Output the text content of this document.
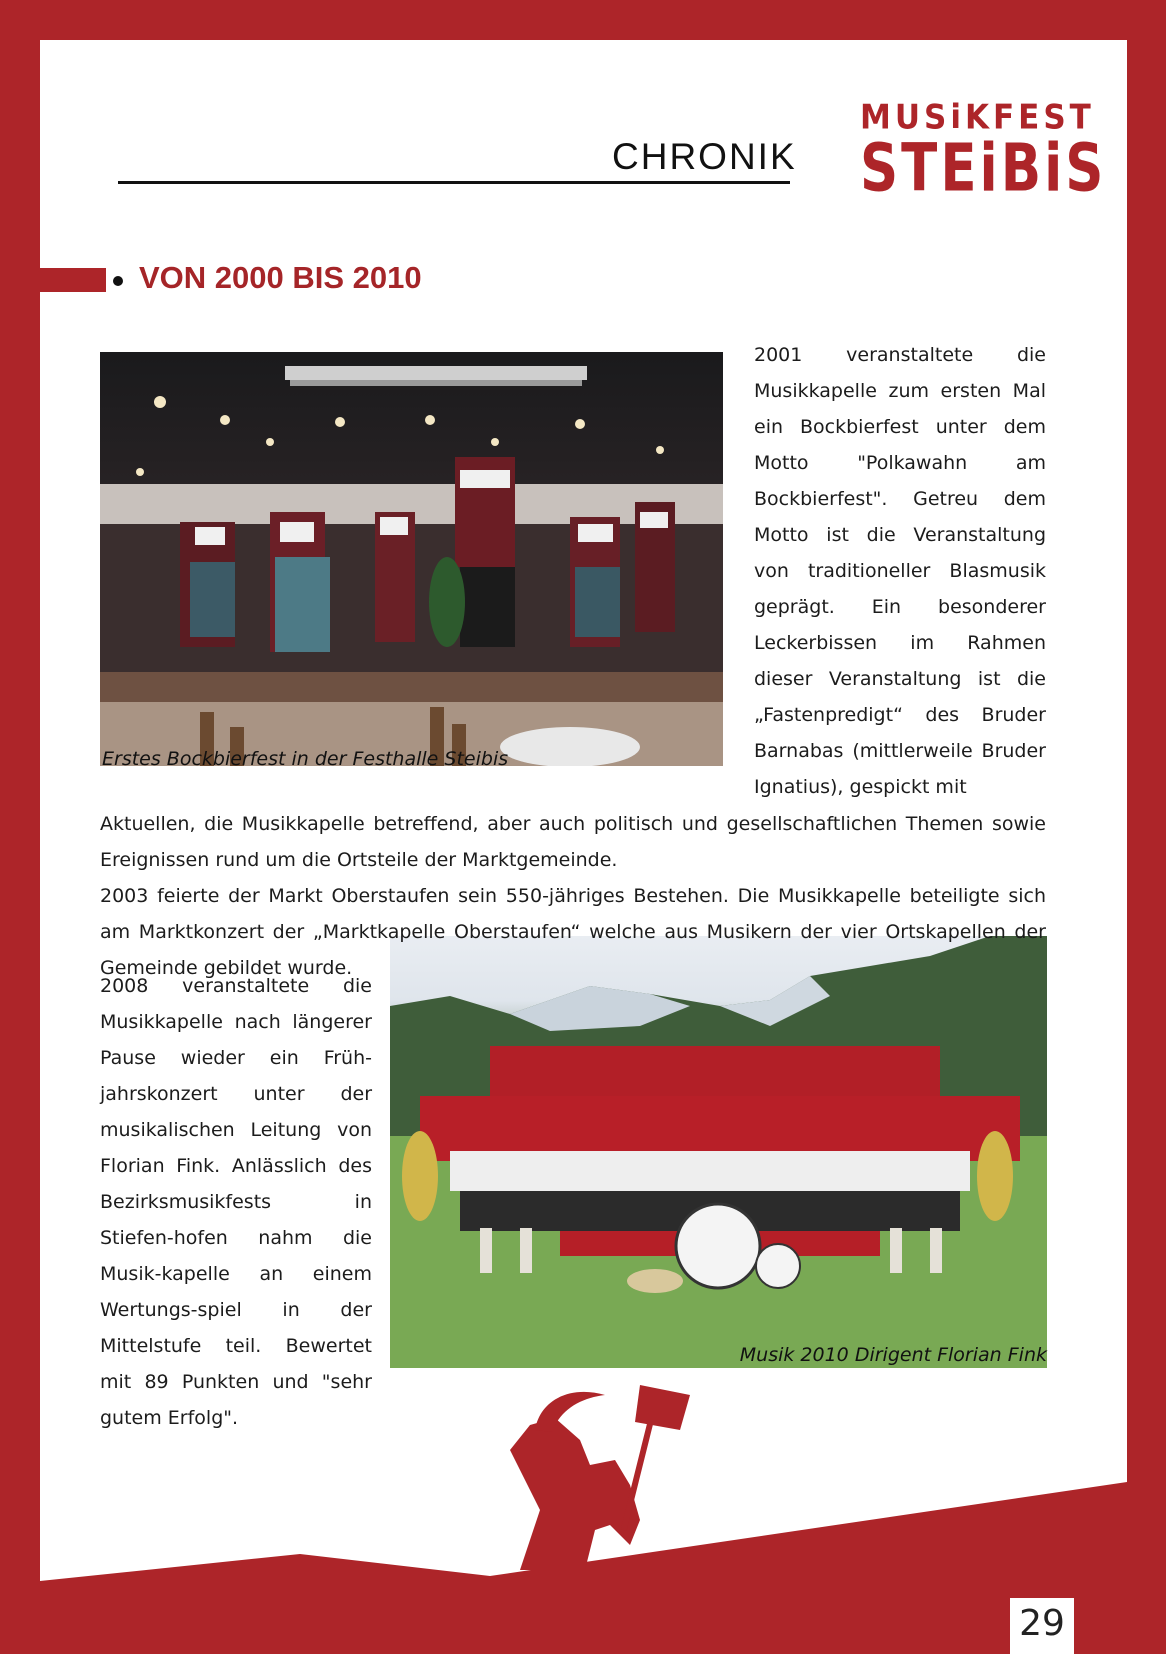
CHRONIK
MUSiKFEST
STEiBiS
VON 2000 BIS 2010

2001 veranstaltete die Musikkapelle zum ersten Mal ein Bockbierfest unter dem Motto "Polkawahn am Bockbierfest". Getreu dem Motto ist die Veranstaltung von traditioneller Blasmusik geprägt. Ein besonderer Leckerbissen im Rahmen dieser Veranstaltung ist die „Fastenpredigt“ des Bruder Barnabas (mittlerweile Bruder Ignatius), gespickt mit

Erstes Bockbierfest in der Festhalle Steibis

Aktuellen, die Musikkapelle betreffend, aber auch politisch und gesellschaftlichen Themen sowie Ereignissen rund um die Ortsteile der Marktgemeinde.

2003 feierte der Markt Oberstaufen sein 550-jähriges Bestehen. Die Musikkapelle beteiligte sich am Marktkonzert der „Marktkapelle Oberstaufen“ welche aus Musikern der vier Ortskapellen der Gemeinde gebildet wurde.

2008 veranstaltete die Musikkapelle nach längerer Pause wieder ein Früh-jahrskonzert unter der musikalischen Leitung von Florian Fink. Anlässlich des Bezirksmusikfests in Stiefen-hofen nahm die Musik-kapelle an einem Wertungs-spiel in der Mittelstufe teil. Bewertet mit 89 Punkten und "sehr gutem Erfolg".

Musik 2010 Dirigent Florian Fink

29
